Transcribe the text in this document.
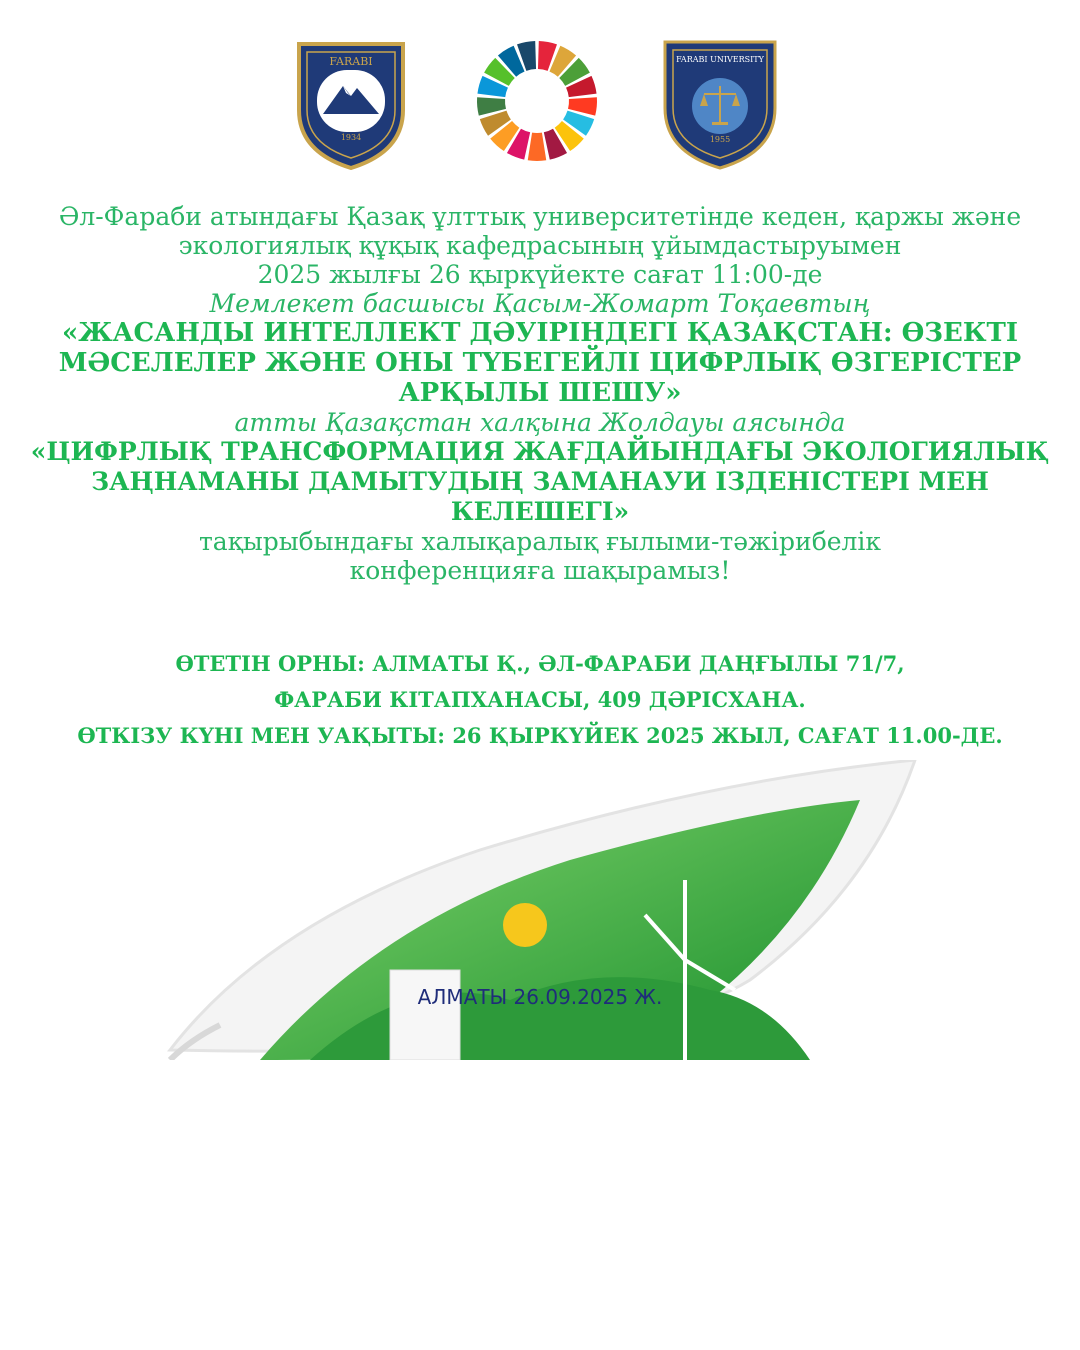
FARABI
1934
FARABI UNIVERSITY
1955
Әл-Фараби атындағы Қазақ ұлттық университетінде кеден, қаржы және
экологиялық құқық кафедрасының ұйымдастыруымен
2025 жылғы 26 қыркүйекте сағат 11:00-де
Мемлекет басшысы Қасым-Жомарт Тоқаевтың
«ЖАСАНДЫ ИНТЕЛЛЕКТ ДӘУІРІНДЕГІ ҚАЗАҚСТАН: ӨЗЕКТІ
МӘСЕЛЕЛЕР ЖӘНЕ ОНЫ ТҮБЕГЕЙЛІ ЦИФРЛЫҚ ӨЗГЕРІСТЕР
АРҚЫЛЫ ШЕШУ»
атты Қазақстан халқына Жолдауы аясында
«ЦИФРЛЫҚ ТРАНСФОРМАЦИЯ ЖАҒДАЙЫНДАҒЫ ЭКОЛОГИЯЛЫҚ
ЗАҢНАМАНЫ ДАМЫТУДЫҢ ЗАМАНАУИ ІЗДЕНІСТЕРІ МЕН
КЕЛЕШЕГІ»
тақырыбындағы халықаралық ғылыми-тәжірибелік
конференцияға шақырамыз!
ӨТЕТІН ОРНЫ: АЛМАТЫ Қ., ӘЛ-ФАРАБИ ДАҢҒЫЛЫ 71/7,
ФАРАБИ КІТАПХАНАСЫ, 409 ДӘРІСХАНА.
ӨТКІЗУ КҮНІ МЕН УАҚЫТЫ: 26 ҚЫРКҮЙЕК 2025 ЖЫЛ, САҒАТ 11.00-ДЕ.
АЛМАТЫ 26.09.2025 Ж.
